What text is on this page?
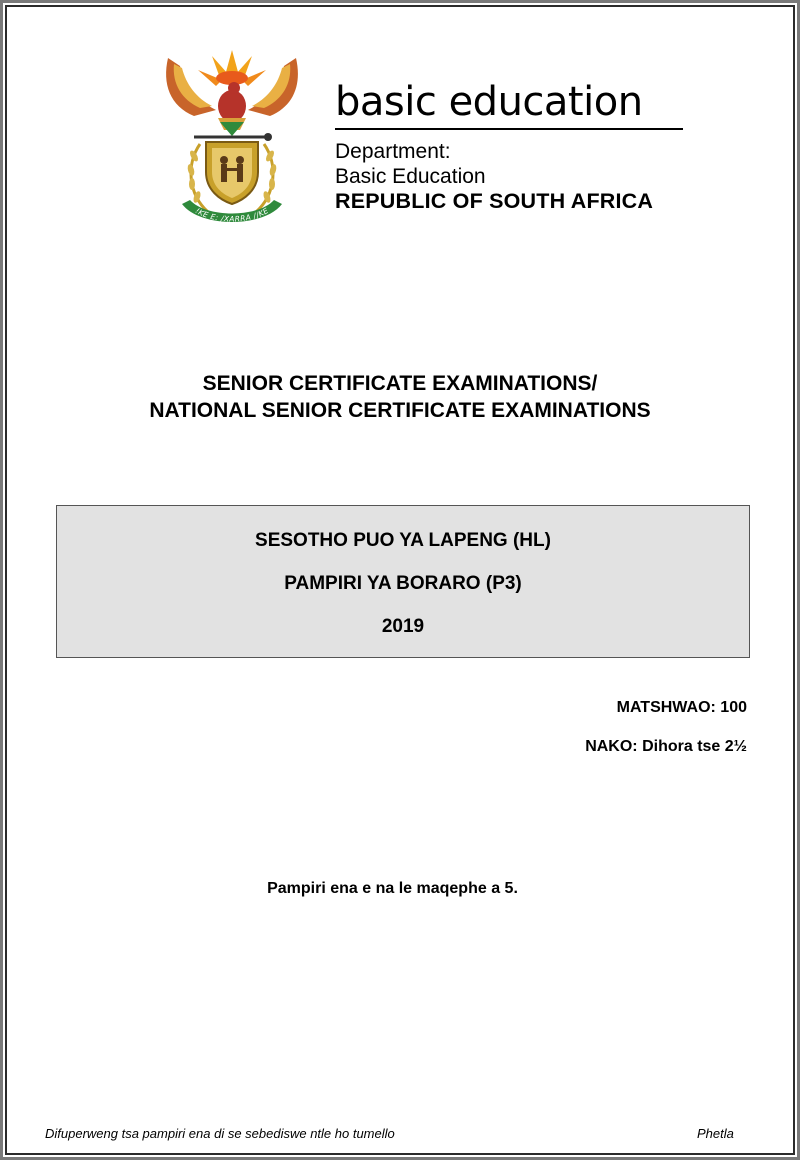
!KE E: /XARRA //KE
basic education
Department:
Basic Education
REPUBLIC OF SOUTH AFRICA
SENIOR CERTIFICATE EXAMINATIONS/
NATIONAL SENIOR CERTIFICATE EXAMINATIONS
SESOTHO PUO YA LAPENG (HL)
PAMPIRI YA BORARO (P3)
2019
MATSHWAO: 100
NAKO: Dihora tse 2½
Pampiri ena e na le maqephe a 5.
Difuperweng tsa pampiri ena di se sebediswe ntle ho tumello	Phetla
